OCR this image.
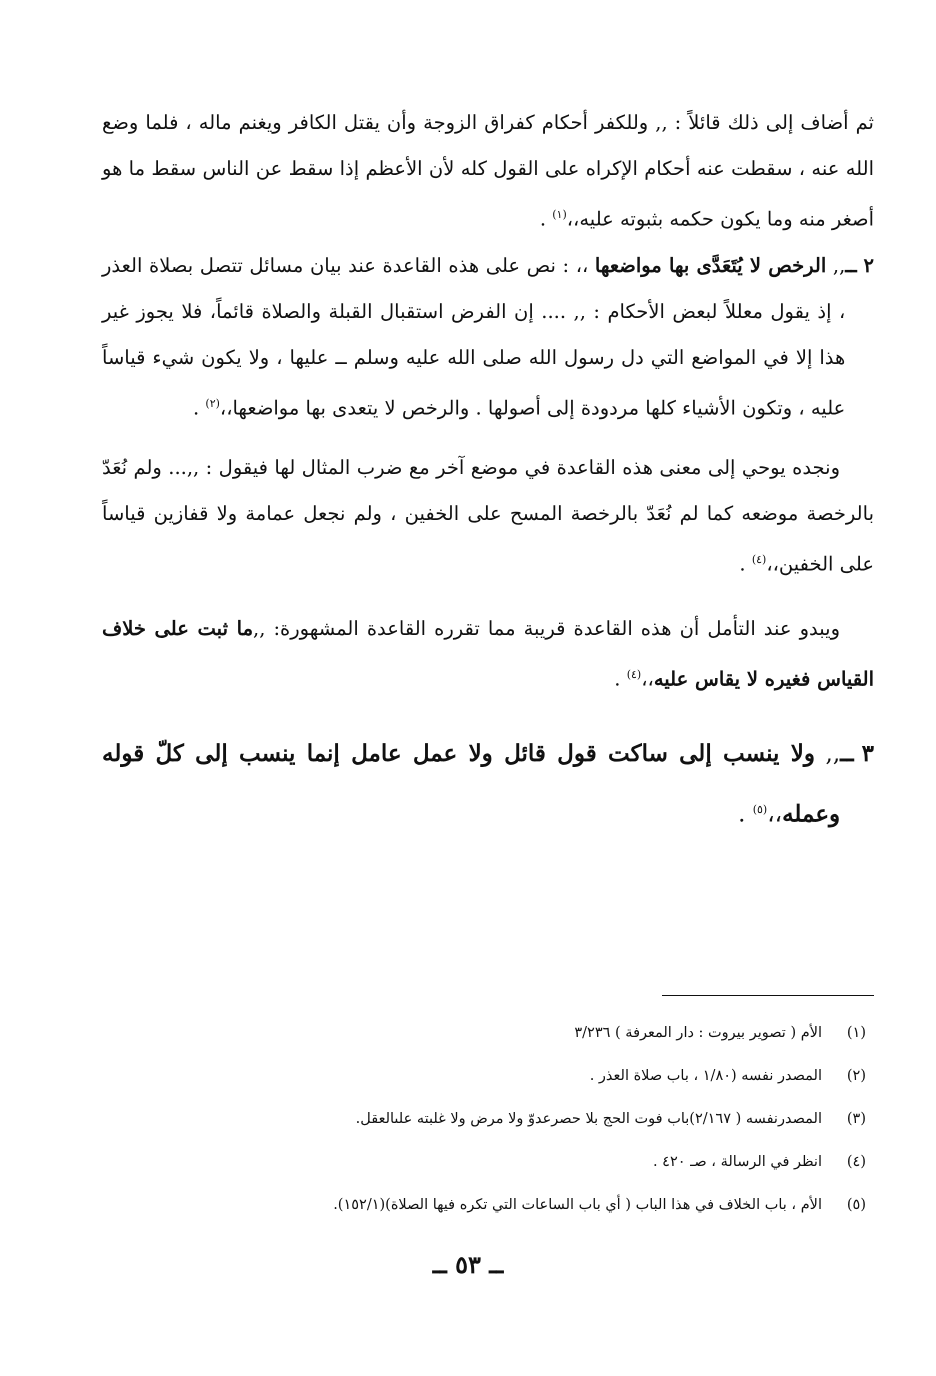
ثم أضاف إلى ذلك قائلاً : ,, وللكفر أحكام كفراق الزوجة وأن يقتل الكافر ويغنم ماله ، فلما وضع الله عنه ، سقطت عنه أحكام الإكراه على القول كله لأن الأعظم إذا سقط عن الناس سقط ما هو أصغر منه وما يكون حكمه بثبوته عليه،،$^{(١)}$ .

٢ ــ

,, الرخص لا يُتَعَدَّى بها مواضعها ،، : نص على هذه القاعدة عند بيان مسائل تتصل بصلاة العذر ، إذ يقول معللاً لبعض الأحكام : ,, .... إن الفرض استقبال القبلة والصلاة قائماً، فلا يجوز غير هذا إلا في المواضع التي دل رسول الله صلى الله عليه وسلم ــ عليها ، ولا يكون شيء قياساً عليه ، وتكون الأشياء كلها مردودة إلى أصولها . والرخص لا يتعدى بها مواضعها،،$^{(٢)}$ .

ونجده يوحي إلى معنى هذه القاعدة في موضع آخر مع ضرب المثال لها فيقول : ,,... ولم نُعَدّ بالرخصة موضعه كما لم نُعَدّ بالرخصة المسح على الخفين ، ولم نجعل عمامة ولا قفازين قياساً على الخفين،،$^{(٤)}$ .

ويبدو عند التأمل أن هذه القاعدة قريبة مما تقرره القاعدة المشهورة: ,,ما ثبت على خلاف القياس فغيره لا يقاس عليه،،$^{(٤)}$ .

٣ ــ

,, ولا ينسب إلى ساكت قول قائل ولا عمل عامل إنما ينسب إلى كلّ قوله وعمله،،$^{(٥)}$ .

(١)
الأم ( تصوير بيروت : دار المعرفة ) ٣/٢٣٦
(٢)
المصدر نفسه (١/٨٠ ، باب صلاة العذر .
(٣)
المصدرنفسه ( ٢/١٦٧)باب فوت الحج بلا حصرعدوّ ولا مرض ولا غلبته علىالعقل.
(٤)
انظر في الرسالة ، صـ ٤٢٠ .
(٥)
الأم ، باب الخلاف في هذا الباب ( أي باب الساعات التي تكره فيها الصلاة)(١٥٢/١).
ــ ٥٣ ــ
